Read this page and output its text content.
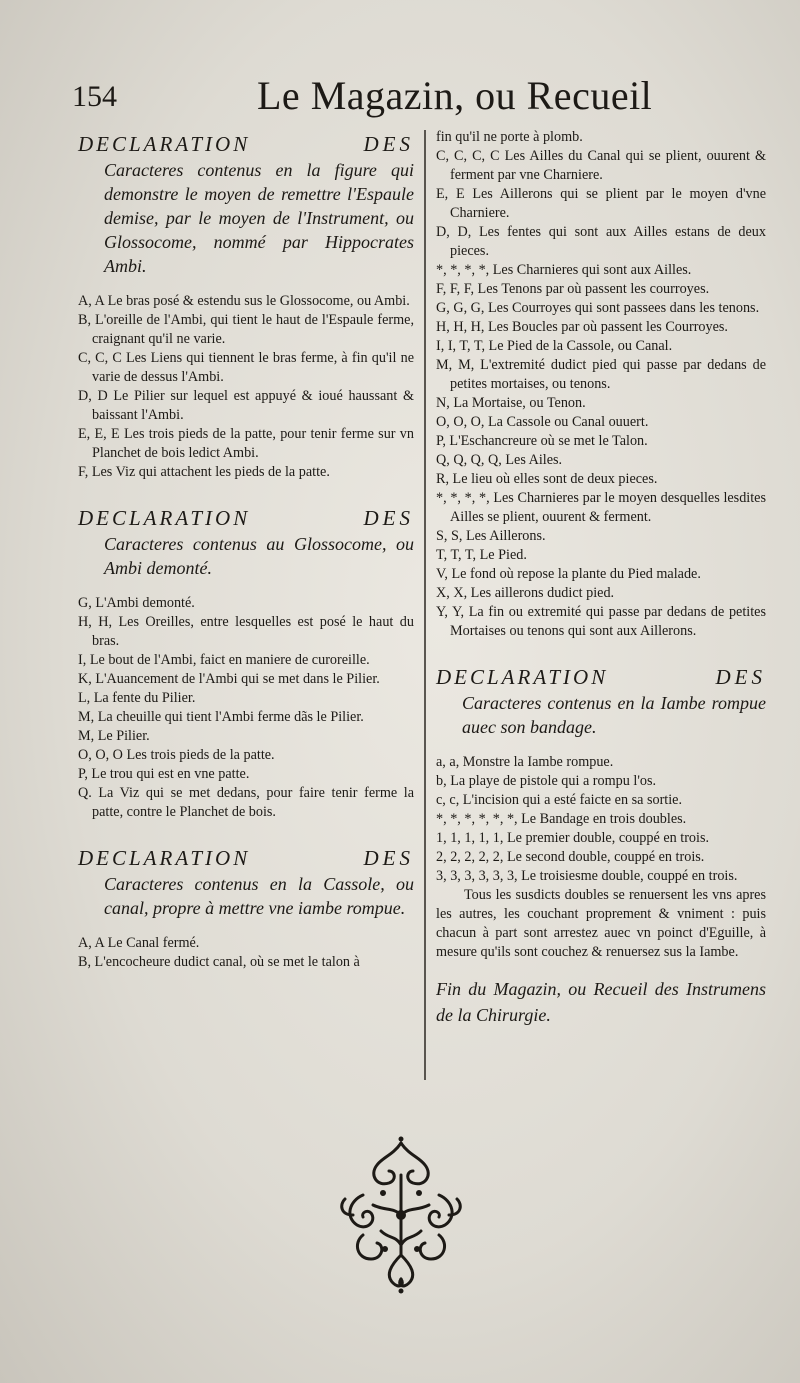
154	Le Magazin, ou Recueil
DECLARATION	DES

Caracteres contenus en la figure qui demonstre le moyen de remettre l'Espaule demise, par le moyen de l'Instrument, ou Glossocome, nommé par Hippocrates Ambi.

A, A Le bras posé & estendu sus le Glossocome, ou Ambi.

B, L'oreille de l'Ambi, qui tient le haut de l'Espaule ferme, craignant qu'il ne varie.

C, C, C Les Liens qui tiennent le bras ferme, à fin qu'il ne varie de dessus l'Ambi.

D, D Le Pilier sur lequel est appuyé & ioué haussant & baissant l'Ambi.

E, E, E Les trois pieds de la patte, pour tenir ferme sur vn Planchet de bois ledict Ambi.

F, Les Viz qui attachent les pieds de la patte.

DECLARATION	DES

Caracteres contenus au Glossocome, ou Ambi demonté.

G, L'Ambi demonté.

H, H, Les Oreilles, entre lesquelles est posé le haut du bras.

I, Le bout de l'Ambi, faict en maniere de curoreille.

K, L'Auancement de l'Ambi qui se met dans le Pilier.

L, La fente du Pilier.

M, La cheuille qui tient l'Ambi ferme dãs le Pilier.

M, Le Pilier.

O, O, O Les trois pieds de la patte.

P, Le trou qui est en vne patte.

Q. La Viz qui se met dedans, pour faire tenir ferme la patte, contre le Planchet de bois.

DECLARATION	DES

Caracteres contenus en la Cassole, ou canal, propre à mettre vne iambe rompue.

A, A Le Canal fermé.

B, L'encocheure dudict canal, où se met le talon à

fin qu'il ne porte à plomb.

C, C, C, C Les Ailles du Canal qui se plient, ouurent & ferment par vne Charniere.

E, E Les Aillerons qui se plient par le moyen d'vne Charniere.

D, D, Les fentes qui sont aux Ailles estans de deux pieces.

*, *, *, *, Les Charnieres qui sont aux Ailles.

F, F, F, Les Tenons par où passent les courroyes.

G, G, G, Les Courroyes qui sont passees dans les tenons.

H, H, H, Les Boucles par où passent les Courroyes.

I, I, T, T, Le Pied de la Cassole, ou Canal.

M, M, L'extremité dudict pied qui passe par dedans de petites mortaises, ou tenons.

N, La Mortaise, ou Tenon.

O, O, O, La Cassole ou Canal ouuert.

P, L'Eschancreure où se met le Talon.

Q, Q, Q, Q, Les Ailes.

R, Le lieu où elles sont de deux pieces.

*, *, *, *, Les Charnieres par le moyen desquelles lesdites Ailles se plient, ouurent & ferment.

S, S, Les Aillerons.

T, T, T, Le Pied.

V, Le fond où repose la plante du Pied malade.

X, X, Les aillerons dudict pied.

Y, Y, La fin ou extremité qui passe par dedans de petites Mortaises ou tenons qui sont aux Aillerons.

DECLARATION	DES

Caracteres contenus en la Iambe rompue auec son bandage.

a, a, Monstre la Iambe rompue.

b, La playe de pistole qui a rompu l'os.

c, c, L'incision qui a esté faicte en sa sortie.

*, *, *, *, *, *, Le Bandage en trois doubles.

1, 1, 1, 1, 1, Le premier double, couppé en trois.

2, 2, 2, 2, 2, Le second double, couppé en trois.

3, 3, 3, 3, 3, 3, Le troisiesme double, couppé en trois.

Tous les susdicts doubles se renuersent les vns apres les autres, les couchant proprement & vniment : puis chacun à part sont arrestez auec vn poinct d'Eguille, à mesure qu'ils sont couchez & renuersez sus la Iambe.

Fin du Magazin, ou Recueil des Instrumens de la Chirurgie.
